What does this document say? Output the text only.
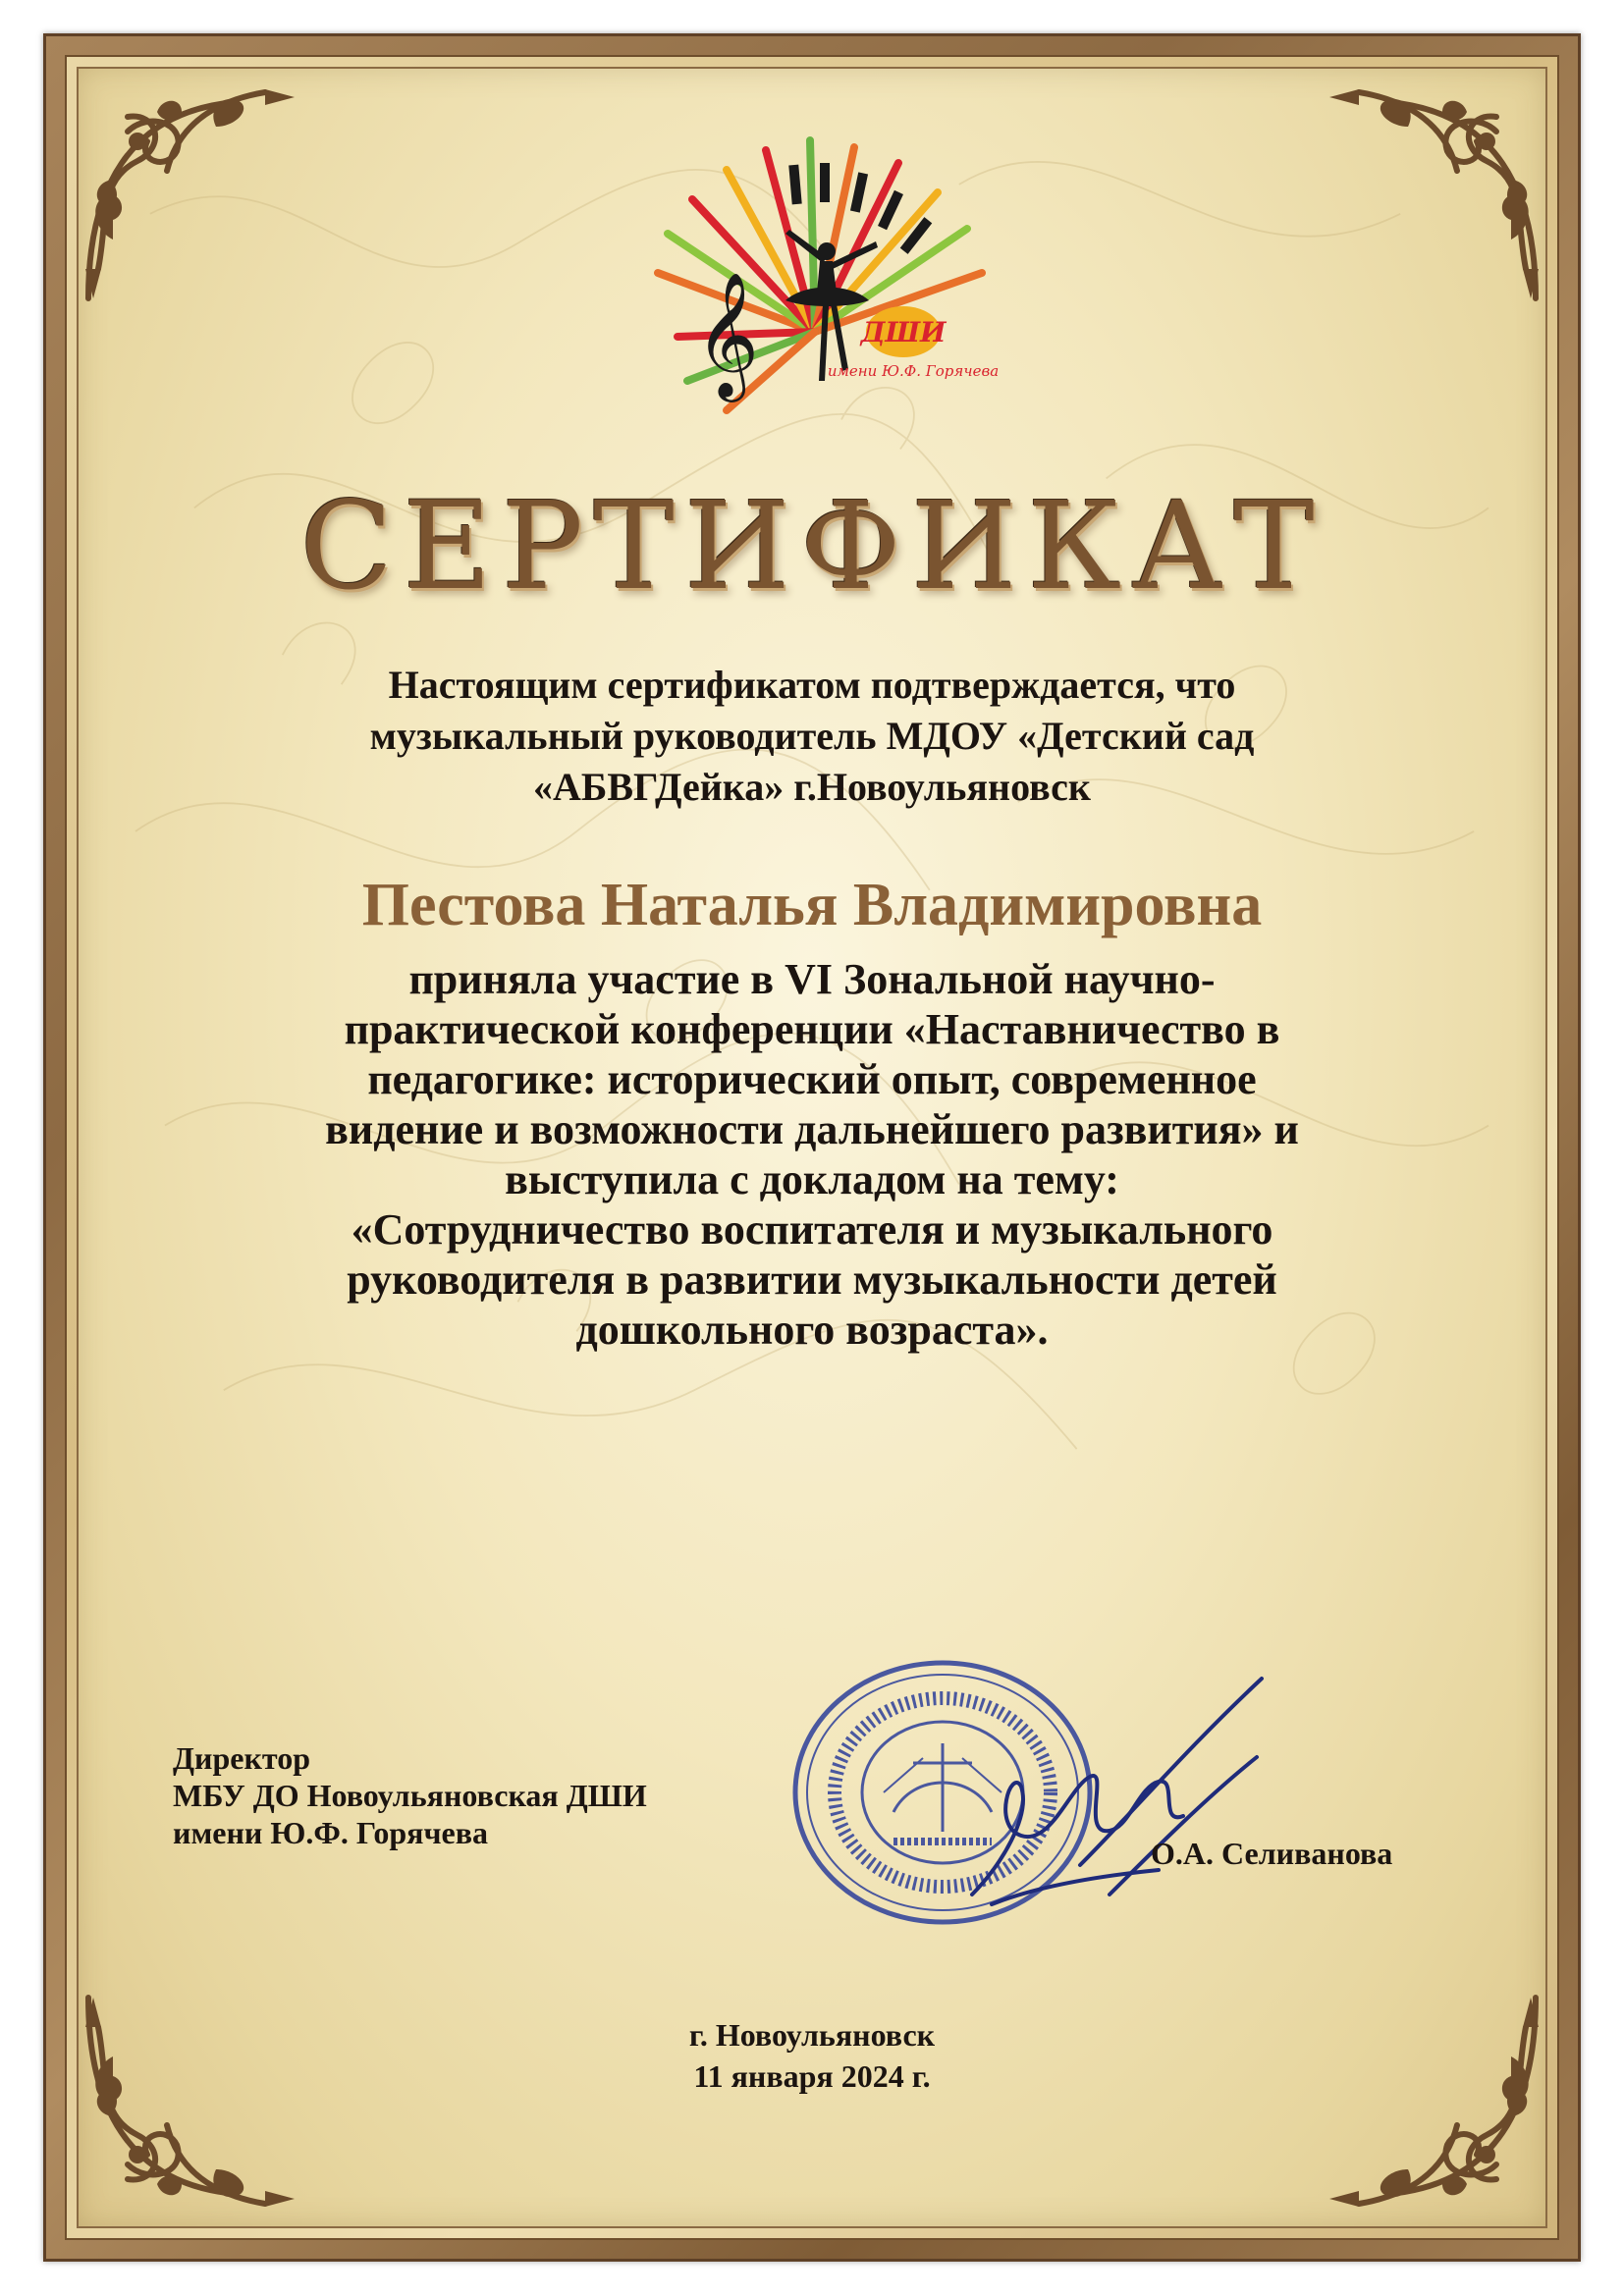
𝄞	ДШИ
имени Ю.Ф. Горячева
СЕРТИФИКАТ
Настоящим сертификатом подтверждается, что
музыкальный руководитель МДОУ «Детский сад
«АБВГДейка» г.Новоульяновск
Пестова Наталья Владимировна
приняла участие в VI Зональной научно-
практической конференции «Наставничество в
педагогике: исторический опыт, современное
видение и возможности дальнейшего развития» и
выступила с докладом на тему:
«Сотрудничество воспитателя и музыкального
руководителя в развитии музыкальности детей
дошкольного возраста».
Директор
МБУ ДО Новоульяновская ДШИ
имени Ю.Ф. Горячева
О.А. Селиванова
г. Новоульяновск
11 января 2024 г.
